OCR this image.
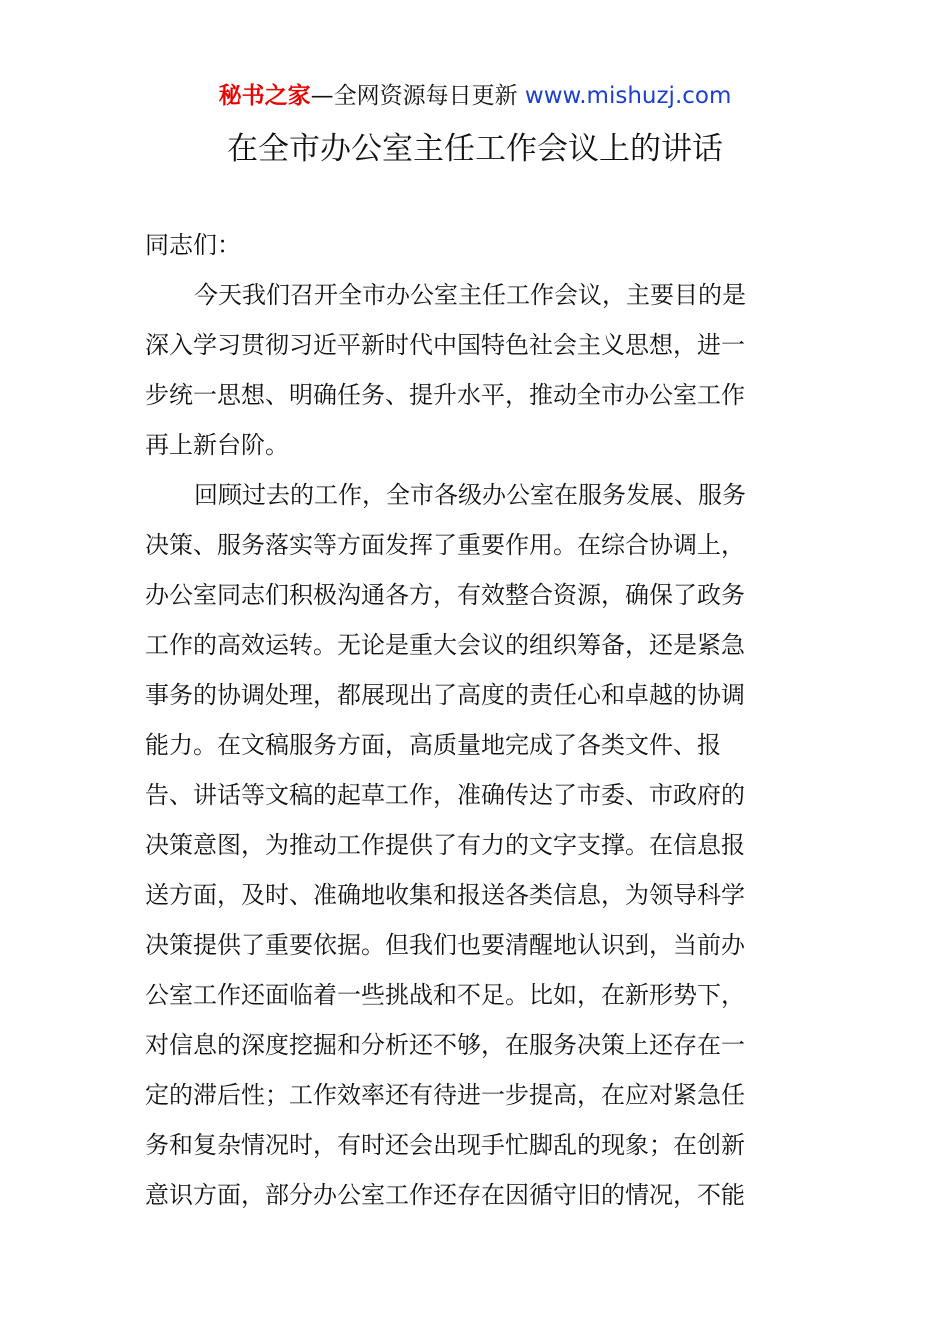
秘书之家—全网资源每日更新 www.mishuzj.com
在全市办公室主任工作会议上的讲话
同志们：
今天我们召开全市办公室主任工作会议，主要目的是
深入学习贯彻习近平新时代中国特色社会主义思想，进一
步统一思想、明确任务、提升水平，推动全市办公室工作
再上新台阶。
回顾过去的工作，全市各级办公室在服务发展、服务
决策、服务落实等方面发挥了重要作用。在综合协调上，
办公室同志们积极沟通各方，有效整合资源，确保了政务
工作的高效运转。无论是重大会议的组织筹备，还是紧急
事务的协调处理，都展现出了高度的责任心和卓越的协调
能力。在文稿服务方面，高质量地完成了各类文件、报
告、讲话等文稿的起草工作，准确传达了市委、市政府的
决策意图，为推动工作提供了有力的文字支撑。在信息报
送方面，及时、准确地收集和报送各类信息，为领导科学
决策提供了重要依据。但我们也要清醒地认识到，当前办
公室工作还面临着一些挑战和不足。比如，在新形势下，
对信息的深度挖掘和分析还不够，在服务决策上还存在一
定的滞后性；工作效率还有待进一步提高，在应对紧急任
务和复杂情况时，有时还会出现手忙脚乱的现象；在创新
意识方面，部分办公室工作还存在因循守旧的情况，不能
